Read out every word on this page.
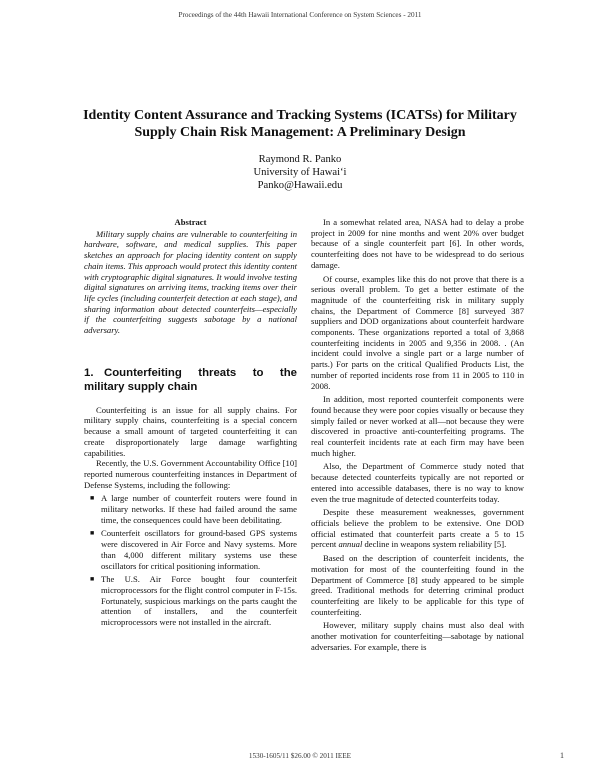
Proceedings of the 44th Hawaii International Conference on System Sciences - 2011
Identity Content Assurance and Tracking Systems (ICATSs) for Military Supply Chain Risk Management: A Preliminary Design
Raymond R. Panko
University of Hawai‘i
Panko@Hawaii.edu
Abstract

Military supply chains are vulnerable to counterfeiting in hardware, software, and medical supplies. This paper sketches an approach for placing identity content on supply chain items. This approach would protect this identity content with cryptographic digital signatures. It would involve testing digital signatures on arriving items, tracking items over their life cycles (including counterfeit detection at each stage), and sharing information about detected counterfeits—especially if the counterfeiting suggests sabotage by a national adversary.

1. Counterfeiting threats to the military supply chain

Counterfeiting is an issue for all supply chains. For military supply chains, counterfeiting is a special concern because a small amount of targeted counterfeiting it can create disproportionately large damage warfighting capabilities.

Recently, the U.S. Government Accountability Office [10] reported numerous counterfeiting instances in Department of Defense Systems, including the following:

■ A large number of counterfeit routers were found in military networks. If these had failed around the same time, the consequences could have been debilitating.
■ Counterfeit oscillators for ground-based GPS systems were discovered in Air Force and Navy systems. More than 4,000 different military systems use these oscillators for critical positioning information.
■ The U.S. Air Force bought four counterfeit microprocessors for the flight control computer in F-15s. Fortunately, suspicious markings on the parts caught the attention of installers, and the counterfeit microprocessors were not installed in the aircraft.

In a somewhat related area, NASA had to delay a probe project in 2009 for nine months and went 20% over budget because of a single counterfeit part [6]. In other words, counterfeiting does not have to be widespread to do serious damage.

Of course, examples like this do not prove that there is a serious overall problem. To get a better estimate of the magnitude of the counterfeiting risk in military supply chains, the Department of Commerce [8] surveyed 387 suppliers and DOD organizations about counterfeit hardware components. These organizations reported a total of 3,868 counterfeiting incidents in 2005 and 9,356 in 2008. . (An incident could involve a single part or a large number of parts.) For parts on the critical Qualified Products List, the number of reported incidents rose from 11 in 2005 to 110 in 2008.

In addition, most reported counterfeit components were found because they were poor copies visually or because they simply failed or never worked at all—not because they were discovered in proactive anti-counterfeiting programs. The real counterfeit incidents rate at each firm may have been much higher.

Also, the Department of Commerce study noted that because detected counterfeits typically are not reported or entered into accessible databases, there is no way to know even the true magnitude of detected counterfeits today.

Despite these measurement weaknesses, government officials believe the problem to be extensive. One DOD official estimated that counterfeit parts create a 5 to 15 percent annual decline in weapons system reliability [5].

Based on the description of counterfeit incidents, the motivation for most of the counterfeiting found in the Department of Commerce [8] study appeared to be simple greed. Traditional methods for deterring criminal product counterfeiting are likely to be applicable for this type of counterfeiting.

However, military supply chains must also deal with another motivation for counterfeiting—sabotage by national adversaries. For example, there is

1530-1605/11 $26.00 © 2011 IEEE	1
